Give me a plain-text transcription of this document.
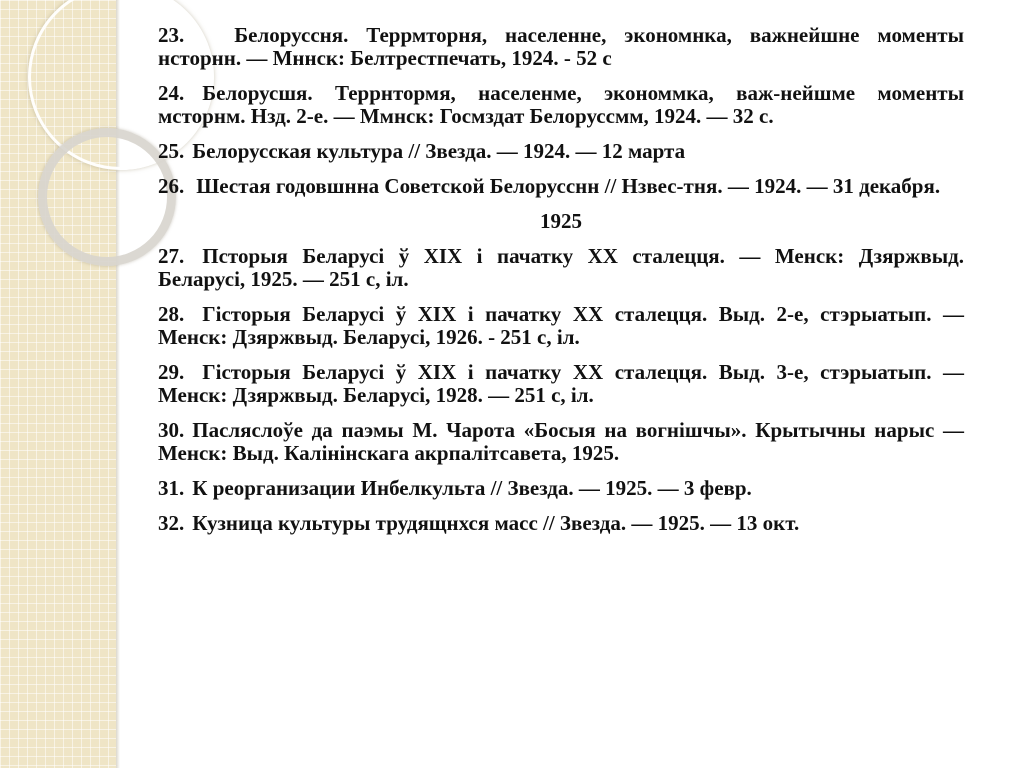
23. Белоруссня. Террмторня, населенне, экономнка, важнейшне моменты нсторнн. — Мннск: Белтрестпечать, 1924. - 52 с

24. Белорусшя. Террнтормя, населенме, экономмка, важ-нейшме моменты мсторнм. Нзд. 2-е. — Ммнск: Госмздат Белоруссмм, 1924. — 32 с.

25. Белорусская культура // Звезда. — 1924. — 12 марта

26. Шестая годовшнна Советской Белорусснн // Нзвес-тня. — 1924. — 31 декабря.

1925

27. Псторыя Беларусі ў XIX і пачатку XX сталецця. — Менск: Дзяржвыд. Беларусі, 1925. — 251 с, іл.

28. Гісторыя Беларусі ў XIX і пачатку XX сталецця. Выд. 2-е, стэрыатып. — Менск: Дзяржвыд. Беларусі, 1926. - 251 с, іл.

29. Гісторыя Беларусі ў XIX і пачатку XX сталецця. Выд. 3-е, стэрыатып. — Менск: Дзяржвыд. Беларусі, 1928. — 251 с, іл.

30. Пасляслоўе да паэмы М. Чарота «Босыя на вогнішчы». Крытычны нарыс — Менск: Выд. Калінінскага акрпалітсавета, 1925.

31. К реорганизации Инбелкульта // Звезда. — 1925. — 3 февр.

32. Кузница культуры трудящнхся масс // Звезда. — 1925. — 13 окт.
